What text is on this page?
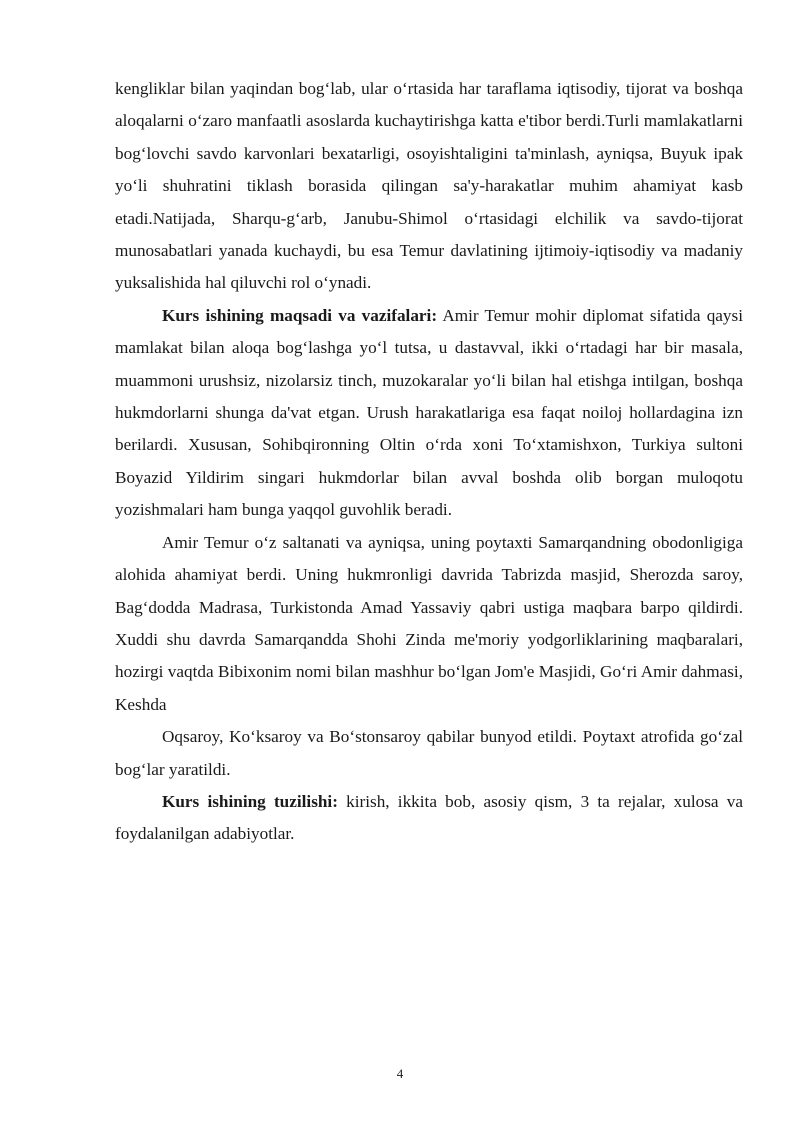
kengliklar bilan yaqindan bog‘lab, ular o‘rtasida har taraflama iqtisodiy, tijorat va boshqa aloqalarni o‘zaro manfaatli asoslarda kuchaytirishga katta e'tibor berdi.Turli mamlakatlarni bog‘lovchi savdo karvonlari bexatarligi, osoyishtaligini ta'minlash, ayniqsa, Buyuk ipak yo‘li shuhratini tiklash borasida qilingan sa'y-harakatlar muhim ahamiyat kasb etadi.Natijada, Sharqu-g‘arb, Janubu-Shimol o‘rtasidagi elchilik va savdo-tijorat munosabatlari yanada kuchaydi, bu esa Temur davlatining ijtimoiy-iqtisodiy va madaniy yuksalishida hal qiluvchi rol o‘ynadi.

Kurs ishining maqsadi va vazifalari: Amir Temur mohir diplomat sifatida qaysi mamlakat bilan aloqa bog‘lashga yo‘l tutsa, u dastavval, ikki o‘rtadagi har bir masala, muammoni urushsiz, nizolarsiz tinch, muzokaralar yo‘li bilan hal etishga intilgan, boshqa hukmdorlarni shunga da'vat etgan. Urush harakatlariga esa faqat noiloj hollardagina izn berilardi. Xususan, Sohibqironning Oltin o‘rda xoni To‘xtamishxon, Turkiya sultoni Boyazid Yildirim singari hukmdorlar bilan avval boshda olib borgan muloqotu yozishmalari ham bunga yaqqol guvohlik beradi.

Amir Temur o‘z saltanati va ayniqsa, uning poytaxti Samarqandning obodonligiga alohida ahamiyat berdi. Uning hukmronligi davrida Tabrizda masjid, Sherozda saroy, Bag‘dodda Madrasa, Turkistonda Amad Yassaviy qabri ustiga maqbara barpo qildirdi. Xuddi shu davrda Samarqandda Shohi Zinda me'moriy yodgorliklarining maqbaralari, hozirgi vaqtda Bibixonim nomi bilan mashhur bo‘lgan Jom'e Masjidi, Go‘ri Amir dahmasi, Keshda

Oqsaroy, Ko‘ksaroy va Bo‘stonsaroy qabilar bunyod etildi. Poytaxt atrofida go‘zal bog‘lar yaratildi.

Kurs ishining tuzilishi: kirish, ikkita bob, asosiy qism, 3 ta rejalar, xulosa va foydalanilgan adabiyotlar.

4
